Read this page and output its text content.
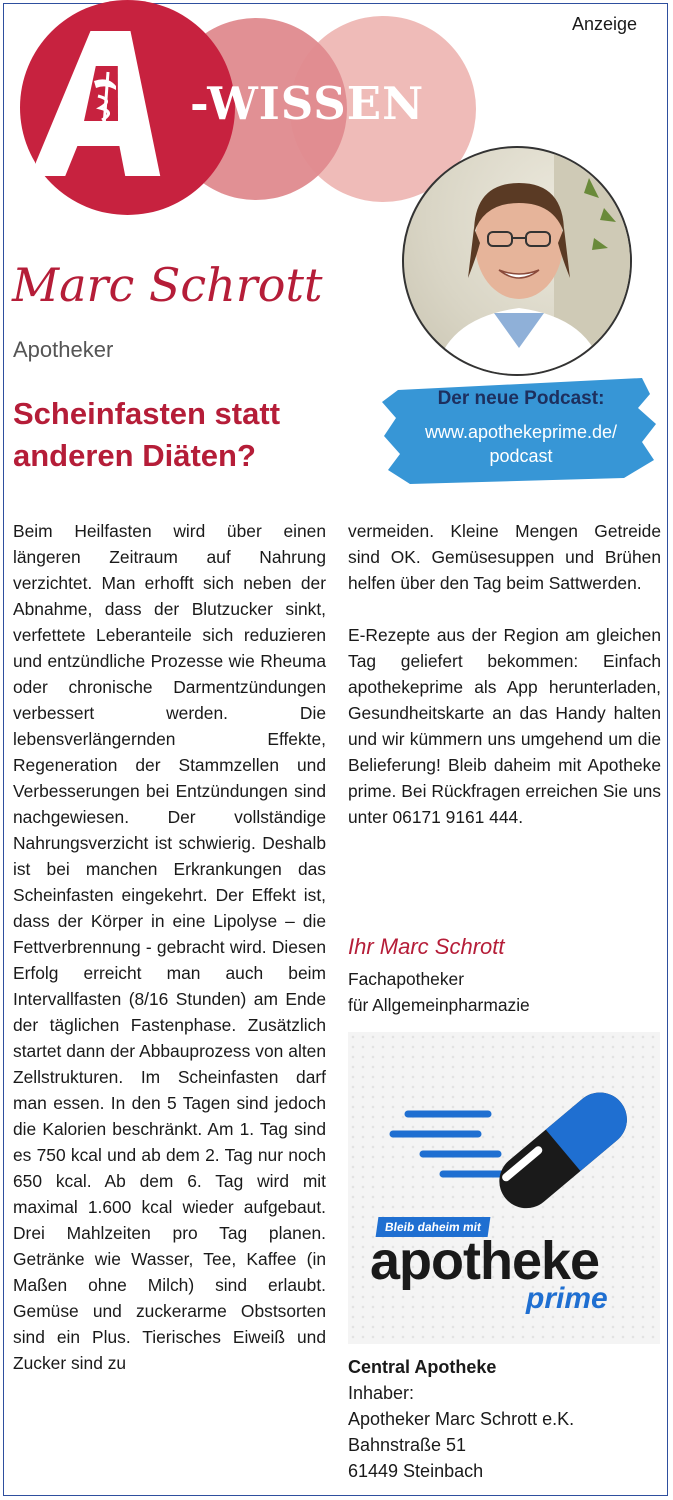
Anzeige
-WISSEN
Marc Schrott
Apotheker
Scheinfasten statt
anderen Diäten?
Der neue Podcast:
www.apothekeprime.de/
podcast

Beim Heilfasten wird über einen längeren Zeitraum auf Nahrung verzichtet. Man erhofft sich neben der Abnahme, dass der Blutzucker sinkt, verfettete Leberanteile sich reduzieren und entzündliche Prozesse wie Rheuma oder chronische Darmentzündungen verbessert werden. Die lebensverlängernden Effekte, Regeneration der Stammzellen und Verbesserungen bei Entzündungen sind nachgewiesen. Der vollständige Nahrungsverzicht ist schwierig. Deshalb ist bei manchen Erkrankungen das Scheinfasten eingekehrt. Der Effekt ist, dass der Körper in eine Lipolyse – die Fettverbrennung - gebracht wird. Diesen Erfolg erreicht man auch beim Intervallfasten (8/16 Stunden) am Ende der täglichen Fastenphase. Zusätzlich startet dann der Abbauprozess von alten Zellstrukturen. Im Scheinfasten darf man essen. In den 5 Tagen sind jedoch die Kalorien beschränkt. Am 1. Tag sind es 750 kcal und ab dem 2. Tag nur noch 650 kcal. Ab dem 6. Tag wird mit maximal 1.600 kcal wieder aufgebaut. Drei Mahlzeiten pro Tag planen. Getränke wie Wasser, Tee, Kaffee (in Maßen ohne Milch) sind erlaubt. Gemüse und zuckerarme Obstsorten sind ein Plus. Tierisches Eiweiß und Zucker sind zu

vermeiden. Kleine Mengen Getreide sind OK. Gemüsesuppen und Brühen helfen über den Tag beim Sattwerden.

E-Rezepte aus der Region am gleichen Tag geliefert bekommen: Einfach apothekeprime als App herunterladen, Gesundheitskarte an das Handy halten und wir kümmern uns umgehend um die Belieferung! Bleib daheim mit Apotheke prime. Bei Rückfragen erreichen Sie uns unter 06171 9161 444.

Ihr Marc Schrott
Fachapotheker
für Allgemeinpharmazie
Bleib daheim mit
apotheke
prime
Central Apotheke
Inhaber:
Apotheker Marc Schrott e.K.
Bahnstraße 51
61449 Steinbach
